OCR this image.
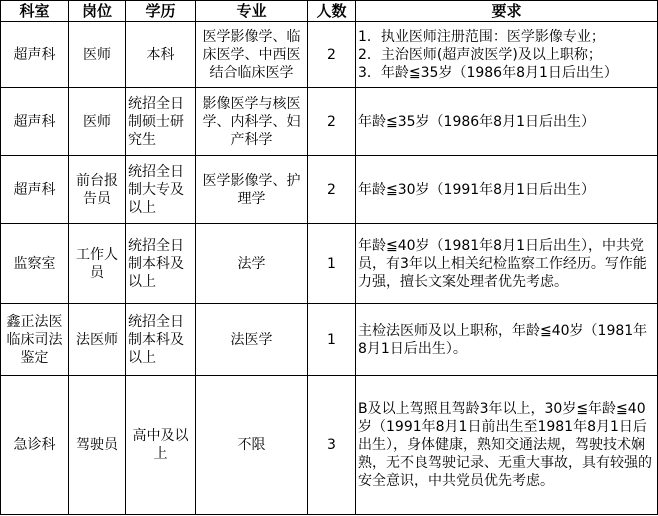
科室	岗位	学历	专业	人数	要求
超声科	医师	本科	医学影像学、临床医学、中西医结合临床医学	2	1．执业医师注册范围：医学影像专业；
2．主治医师(超声波医学)及以上职称；
3．年龄≦35岁（1986年8月1日后出生）

超声科	医师	统招全日制硕士研究生	影像医学与核医学、内科学、妇产科学	2	年龄≦35岁（1986年8月1日后出生）

超声科	前台报告员	统招全日制大专及以上	医学影像学、护理学	2	年龄≦30岁（1991年8月1日后出生）

监察室	工作人员	统招全日制本科及以上	法学	1	年龄≦40岁（1981年8月1日后出生），中共党员，有3年以上相关纪检监察工作经历。写作能力强，擅长文案处理者优先考虑。

鑫正法医临床司法鉴定	法医师	统招全日制本科及以上	法医学	1	主检法医师及以上职称，年龄≦40岁（1981年8月1日后出生）。

急诊科	驾驶员	高中及以上	不限	3	B及以上驾照且驾龄3年以上，30岁≦年龄≦40岁（1991年8月1日前出生至1981年8月1日后出生），身体健康，熟知交通法规，驾驶技术娴熟，无不良驾驶记录、无重大事故，具有较强的安全意识，中共党员优先考虑。
